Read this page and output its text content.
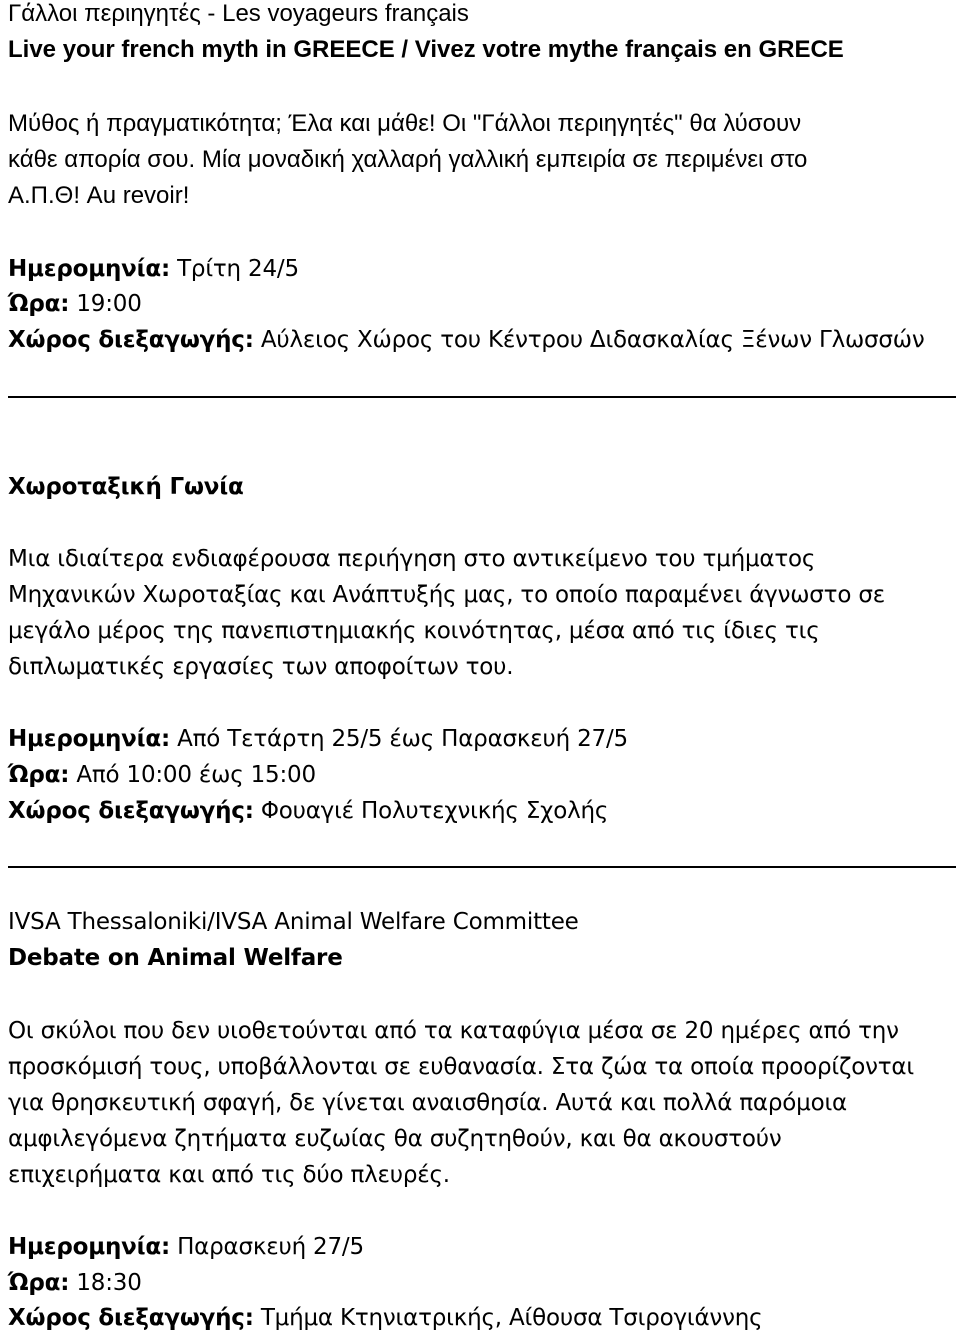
Γάλλοι περιηγητές - Les voyageurs français
Live your french myth in GREECE / Vivez votre mythe français en GRECE
Μύθος ή πραγματικότητα; Έλα και μάθε! Οι "Γάλλοι περιηγητές" θα λύσουν
κάθε απορία σου. Μία μοναδική χαλλαρή γαλλική εμπειρία σε περιμένει στο
Α.Π.Θ! Au revoir!
Ημερομηνία: Τρίτη 24/5
Ώρα: 19:00
Χώρος διεξαγωγής: Αύλειος Χώρος του Κέντρου Διδασκαλίας Ξένων Γλωσσών
Χωροταξική Γωνία
Μια ιδιαίτερα ενδιαφέρουσα περιήγηση στο αντικείμενο του τμήματος
Μηχανικών Χωροταξίας και Ανάπτυξής μας, το οποίο παραμένει άγνωστο σε
μεγάλο μέρος της πανεπιστημιακής κοινότητας, μέσα από τις ίδιες τις
διπλωματικές εργασίες των αποφοίτων του.
Ημερομηνία: Από Τετάρτη 25/5 έως Παρασκευή 27/5
Ώρα: Από 10:00 έως 15:00
Χώρος διεξαγωγής: Φουαγιέ Πολυτεχνικής Σχολής
IVSA Thessaloniki/IVSA Animal Welfare Committee
Debate on Animal Welfare
Οι σκύλοι που δεν υιοθετούνται από τα καταφύγια μέσα σε 20 ημέρες από την
προσκόμισή τους, υποβάλλονται σε ευθανασία. Στα ζώα τα οποία προορίζονται
για θρησκευτική σφαγή, δε γίνεται αναισθησία. Αυτά και πολλά παρόμοια
αμφιλεγόμενα ζητήματα ευζωίας θα συζητηθούν, και θα ακουστούν
επιχειρήματα και από τις δύο πλευρές.
Ημερομηνία: Παρασκευή 27/5
Ώρα: 18:30
Χώρος διεξαγωγής: Τμήμα Κτηνιατρικής, Αίθουσα Τσιρογιάννης
